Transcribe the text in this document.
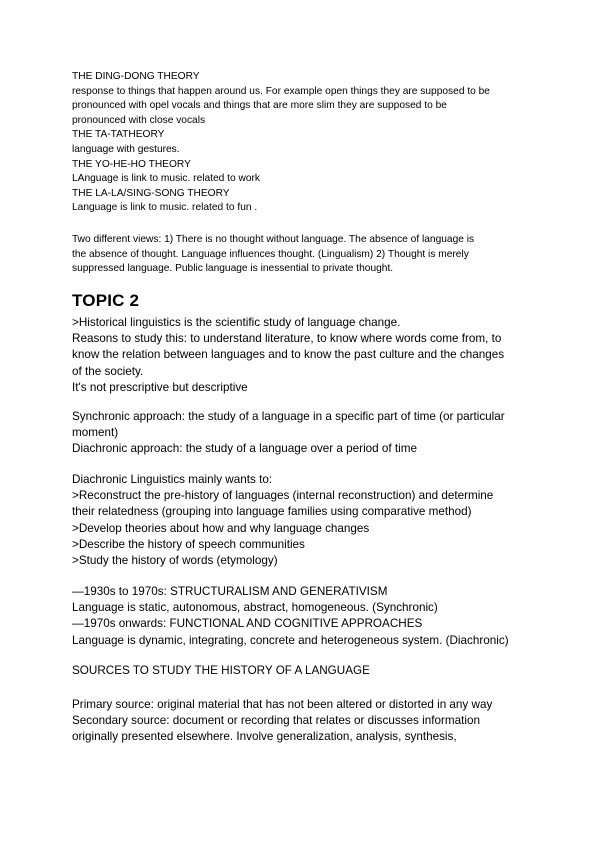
THE DING-DONG THEORY
response to things that happen around us. For example open things they are supposed to be
pronounced with opel vocals and things that are more slim they are supposed to be
pronounced with close vocals
THE TA-TATHEORY
language with gestures.
THE YO-HE-HO THEORY
LAnguage is link to music. related to work
THE LA-LA/SING-SONG THEORY
Language is link to music. related to fun .
Two different views: 1) There is no thought without language. The absence of language is
the absence of thought. Language influences thought. (Lingualism) 2) Thought is merely
suppressed language. Public language is inessential to private thought.
TOPIC 2
>Historical linguistics is the scientific study of language change.
Reasons to study this: to understand literature, to know where words come from, to
know the relation between languages and to know the past culture and the changes
of the society.
It's not prescriptive but descriptive
Synchronic approach: the study of a language in a specific part of time (or particular
moment)
Diachronic approach: the study of a language over a period of time
Diachronic Linguistics mainly wants to:
>Reconstruct the pre-history of languages (internal reconstruction) and determine
their relatedness (grouping into language families using comparative method)
>Develop theories about how and why language changes
>Describe the history of speech communities
>Study the history of words (etymology)
—1930s to 1970s: STRUCTURALISM AND GENERATIVISM
Language is static, autonomous, abstract, homogeneous. (Synchronic)
—1970s onwards: FUNCTIONAL AND COGNITIVE APPROACHES
Language is dynamic, integrating, concrete and heterogeneous system. (Diachronic)
SOURCES TO STUDY THE HISTORY OF A LANGUAGE
Primary source: original material that has not been altered or distorted in any way
Secondary source: document or recording that relates or discusses information
originally presented elsewhere. Involve generalization, analysis, synthesis,
